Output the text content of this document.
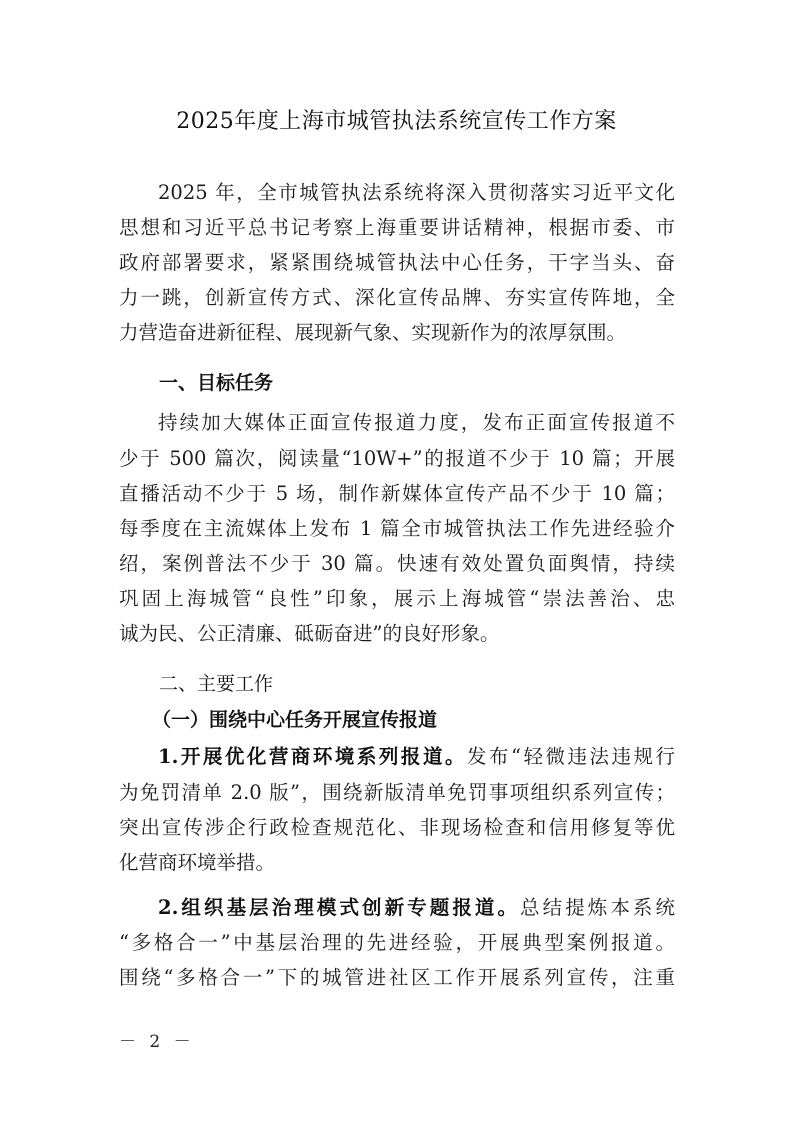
2025年度上海市城管执法系统宣传工作方案
2025 年，全市城管执法系统将深入贯彻落实习近平文化
思想和习近平总书记考察上海重要讲话精神，根据市委、市
政府部署要求，紧紧围绕城管执法中心任务，干字当头、奋
力一跳，创新宣传方式、深化宣传品牌、夯实宣传阵地，全
力营造奋进新征程、展现新气象、实现新作为的浓厚氛围。
一、目标任务
持续加大媒体正面宣传报道力度，发布正面宣传报道不
少于 500 篇次，阅读量“10W+”的报道不少于 10 篇；开展
直播活动不少于 5 场，制作新媒体宣传产品不少于 10 篇；
每季度在主流媒体上发布 1 篇全市城管执法工作先进经验介
绍，案例普法不少于 30 篇。快速有效处置负面舆情，持续
巩固上海城管“良性”印象，展示上海城管“崇法善治、忠
诚为民、公正清廉、砥砺奋进”的良好形象。
二、主要工作
（一）围绕中心任务开展宣传报道
1.开展优化营商环境系列报道。发布“轻微违法违规行
为免罚清单 2.0 版”，围绕新版清单免罚事项组织系列宣传；
突出宣传涉企行政检查规范化、非现场检查和信用修复等优
化营商环境举措。
2.组织基层治理模式创新专题报道。总结提炼本系统
“多格合一”中基层治理的先进经验，开展典型案例报道。
围绕“多格合一”下的城管进社区工作开展系列宣传，注重
－ 2 －
